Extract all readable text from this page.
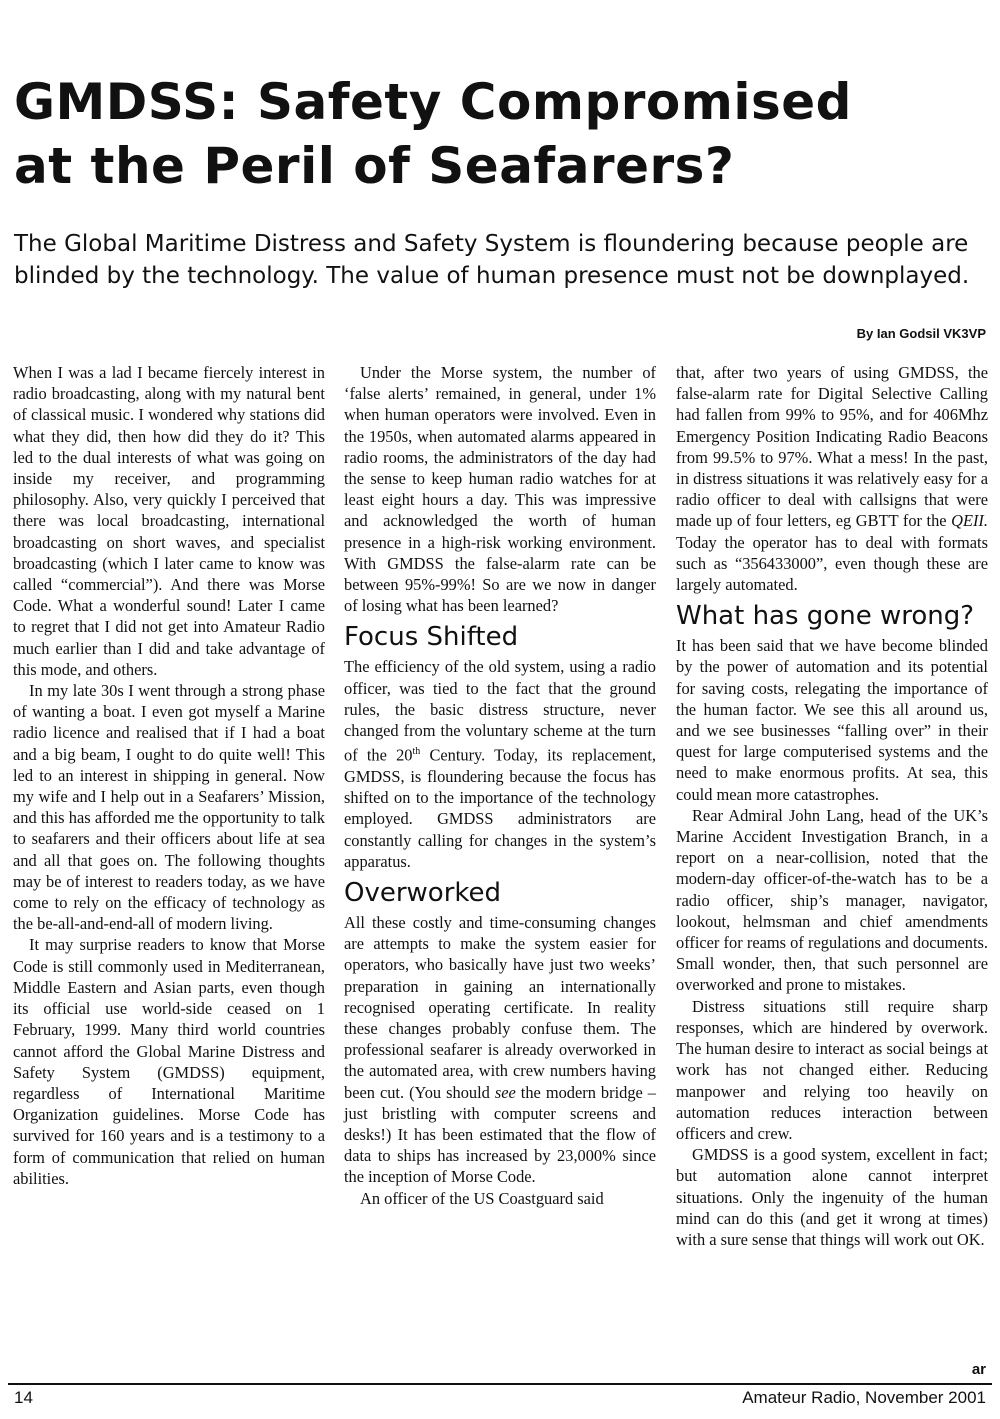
GMDSS: Safety Compromised
at the Peril of Seafarers?

The Global Maritime Distress and Safety System is floundering because people are blinded by the technology. The value of human presence must not be downplayed.

By Ian Godsil VK3VP

When I was a lad I became fiercely interest in radio broadcasting, along with my natural bent of classical music. I wondered why stations did what they did, then how did they do it? This led to the dual interests of what was going on inside my receiver, and programming philosophy. Also, very quickly I perceived that there was local broadcasting, international broadcasting on short waves, and specialist broadcasting (which I later came to know was called “commercial”). And there was Morse Code. What a wonderful sound! Later I came to regret that I did not get into Amateur Radio much earlier than I did and take advantage of this mode, and others.

In my late 30s I went through a strong phase of wanting a boat. I even got myself a Marine radio licence and realised that if I had a boat and a big beam, I ought to do quite well! This led to an interest in shipping in general. Now my wife and I help out in a Seafarers’ Mission, and this has afforded me the opportunity to talk to seafarers and their officers about life at sea and all that goes on. The following thoughts may be of interest to readers today, as we have come to rely on the efficacy of technology as the be-all-and-end-all of modern living.

It may surprise readers to know that Morse Code is still commonly used in Mediterranean, Middle Eastern and Asian parts, even though its official use world-side ceased on 1 February, 1999. Many third world countries cannot afford the Global Marine Distress and Safety System (GMDSS) equipment, regardless of International Maritime Organization guidelines. Morse Code has survived for 160 years and is a testimony to a form of communication that relied on human abilities.

Under the Morse system, the number of ‘false alerts’ remained, in general, under 1% when human operators were involved. Even in the 1950s, when automated alarms appeared in radio rooms, the administrators of the day had the sense to keep human radio watches for at least eight hours a day. This was impressive and acknowledged the worth of human presence in a high-risk working environment. With GMDSS the false-alarm rate can be between 95%-99%! So are we now in danger of losing what has been learned?

Focus Shifted

The efficiency of the old system, using a radio officer, was tied to the fact that the ground rules, the basic distress structure, never changed from the voluntary scheme at the turn of the 20th Century. Today, its replacement, GMDSS, is floundering because the focus has shifted on to the importance of the technology employed. GMDSS administrators are constantly calling for changes in the system’s apparatus.

Overworked

All these costly and time-consuming changes are attempts to make the system easier for operators, who basically have just two weeks’ preparation in gaining an internationally recognised operating certificate. In reality these changes probably confuse them. The professional seafarer is already overworked in the automated area, with crew numbers having been cut. (You should see the modern bridge – just bristling with computer screens and desks!) It has been estimated that the flow of data to ships has increased by 23,000% since the inception of Morse Code.

An officer of the US Coastguard said

that, after two years of using GMDSS, the false-alarm rate for Digital Selective Calling had fallen from 99% to 95%, and for 406Mhz Emergency Position Indicating Radio Beacons from 99.5% to 97%. What a mess! In the past, in distress situations it was relatively easy for a radio officer to deal with callsigns that were made up of four letters, eg GBTT for the QEII. Today the operator has to deal with formats such as “356433000”, even though these are largely automated.

What has gone wrong?

It has been said that we have become blinded by the power of automation and its potential for saving costs, relegating the importance of the human factor. We see this all around us, and we see businesses “falling over” in their quest for large computerised systems and the need to make enormous profits. At sea, this could mean more catastrophes.

Rear Admiral John Lang, head of the UK’s Marine Accident Investigation Branch, in a report on a near-collision, noted that the modern-day officer-of-the-watch has to be a radio officer, ship’s manager, navigator, lookout, helmsman and chief amendments officer for reams of regulations and documents. Small wonder, then, that such personnel are overworked and prone to mistakes.

Distress situations still require sharp responses, which are hindered by overwork. The human desire to interact as social beings at work has not changed either. Reducing manpower and relying too heavily on automation reduces interaction between officers and crew.

GMDSS is a good system, excellent in fact; but automation alone cannot interpret situations. Only the ingenuity of the human mind can do this (and get it wrong at times) with a sure sense that things will work out OK.

ar
14	Amateur Radio, November 2001
